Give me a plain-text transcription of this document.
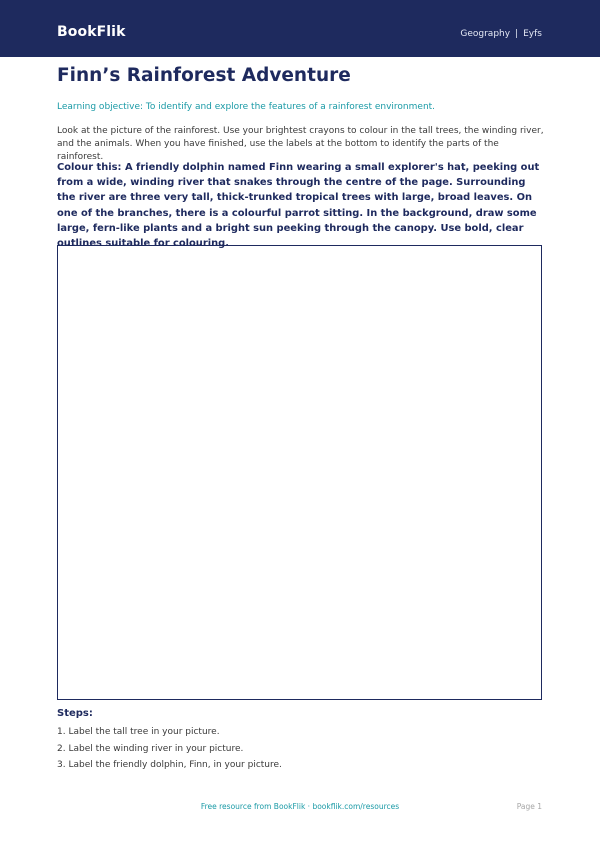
BookFlik	Geography | Eyfs
Finn’s Rainforest Adventure
Learning objective: To identify and explore the features of a rainforest environment.
Look at the picture of the rainforest. Use your brightest crayons to colour in the tall trees, the winding river, and the animals. When you have finished, use the labels at the bottom to identify the parts of the rainforest.
Colour this: A friendly dolphin named Finn wearing a small explorer's hat, peeking out from a wide, winding river that snakes through the centre of the page. Surrounding the river are three very tall, thick-trunked tropical trees with large, broad leaves. On one of the branches, there is a colourful parrot sitting. In the background, draw some large, fern-like plants and a bright sun peeking through the canopy. Use bold, clear outlines suitable for colouring.
Steps:
1. Label the tall tree in your picture.
2. Label the winding river in your picture.
3. Label the friendly dolphin, Finn, in your picture.
Free resource from BookFlik · bookflik.com/resources	Page 1
